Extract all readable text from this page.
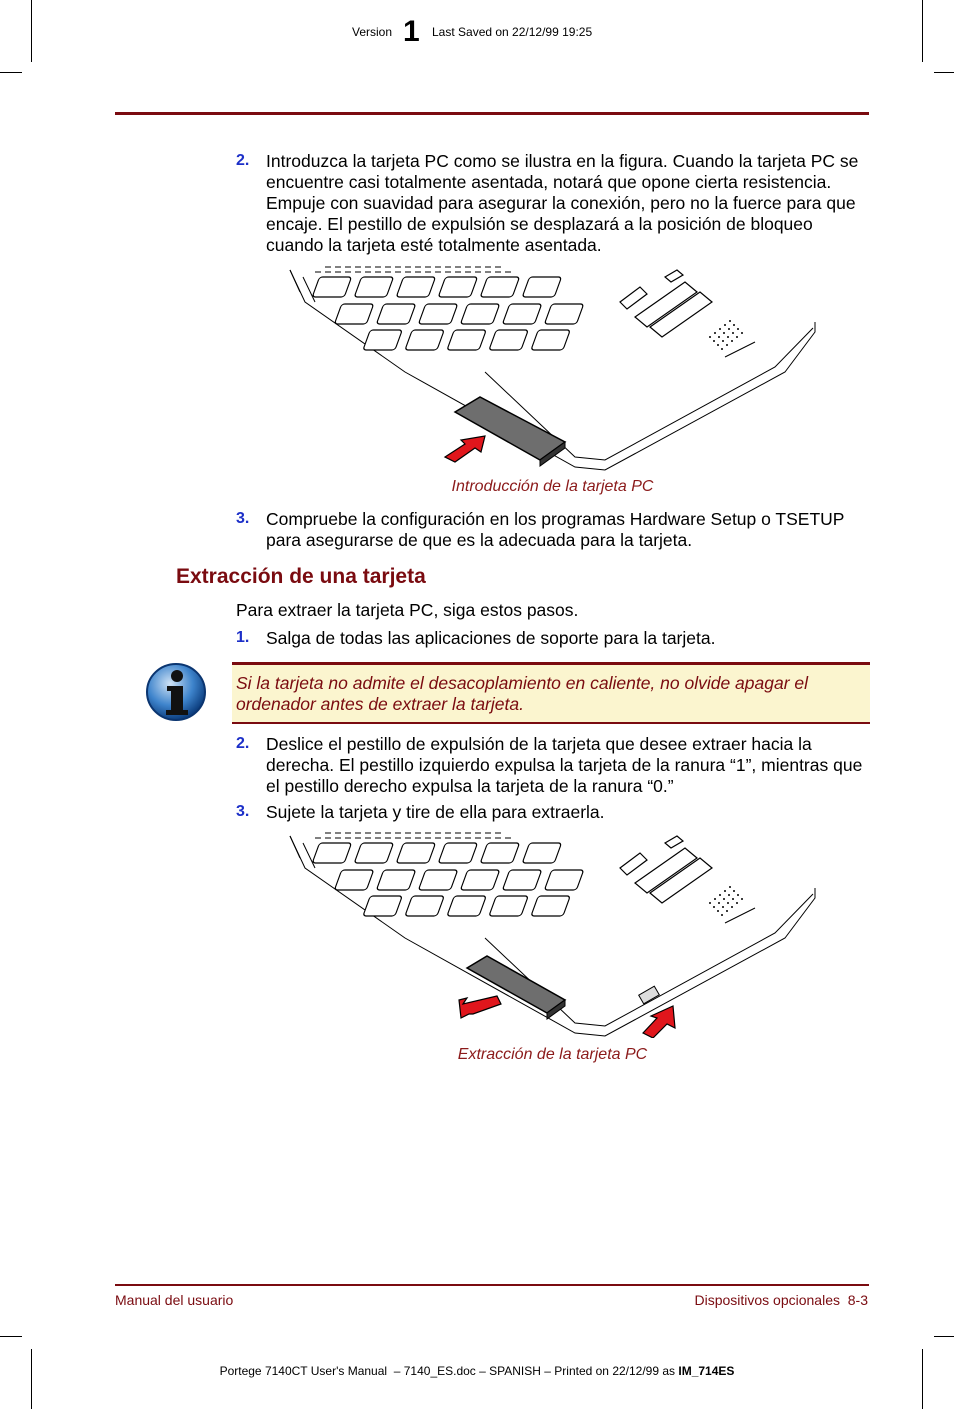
Version 1 Last Saved on 22/12/99 19:25
2. Introduzca la tarjeta PC como se ilustra en la figura. Cuando la tarjeta PC se encuentre casi totalmente asentada, notará que opone cierta resistencia. Empuje con suavidad para asegurar la conexión, pero no la fuerce para que encaje. El pestillo de expulsión se desplazará a la posición de bloqueo cuando la tarjeta esté totalmente asentada.
Introducción de la tarjeta PC
3. Compruebe la configuración en los programas Hardware Setup o TSETUP para asegurarse de que es la adecuada para la tarjeta.
Extracción de una tarjeta
Para extraer la tarjeta PC, siga estos pasos.
1. Salga de todas las aplicaciones de soporte para la tarjeta.
Si la tarjeta no admite el desacoplamiento en caliente, no olvide apagar el ordenador antes de extraer la tarjeta.
2. Deslice el pestillo de expulsión de la tarjeta que desee extraer hacia la derecha. El pestillo izquierdo expulsa la tarjeta de la ranura “1”, mientras que el pestillo derecho expulsa la tarjeta de la ranura “0.”
3. Sujete la tarjeta y tire de ella para extraerla.
Extracción de la tarjeta PC
Manual del usuario	Dispositivos opcionales  8-3
Portege 7140CT User's Manual  – 7140_ES.doc – SPANISH – Printed on 22/12/99 as IM_714ES
